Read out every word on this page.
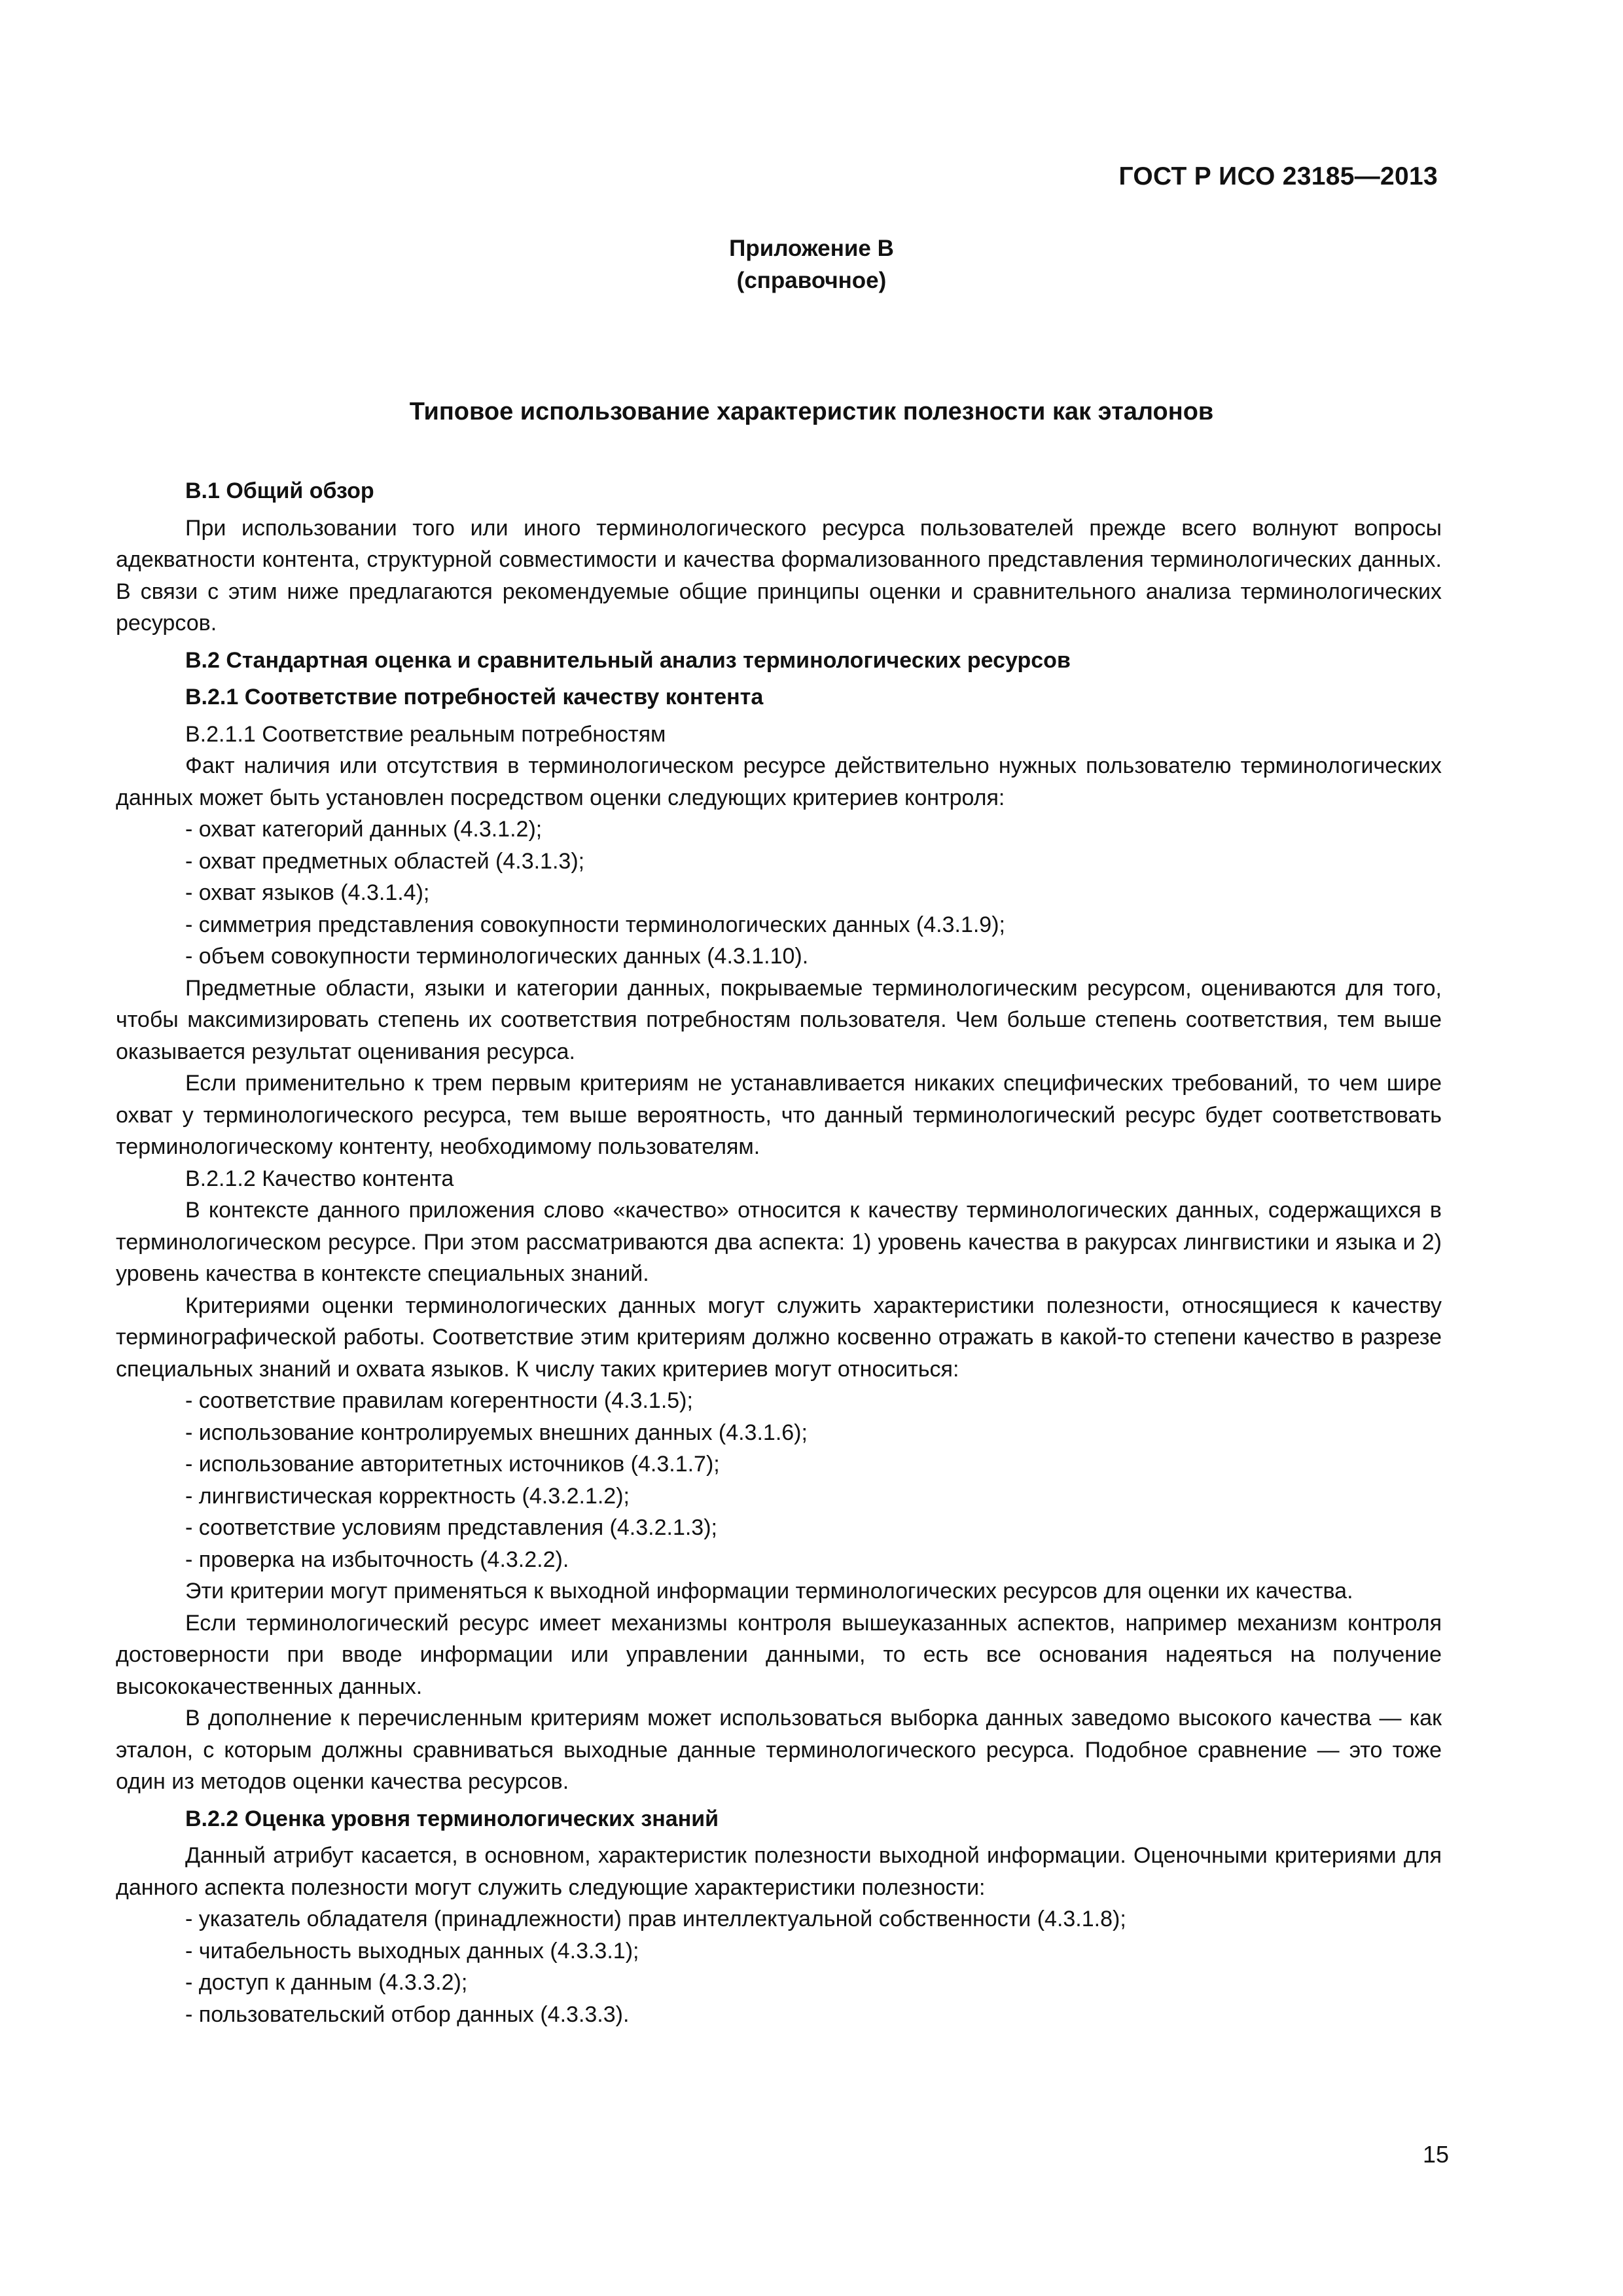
ГОСТ Р ИСО 23185—2013
Приложение В
(справочное)
Типовое использование характеристик полезности как эталонов

В.1 Общий обзор

При использовании того или иного терминологического ресурса пользователей прежде всего волнуют вопросы адекватности контента, структурной совместимости и качества формализованного представления терминологических данных. В связи с этим ниже предлагаются рекомендуемые общие принципы оценки и сравнительного анализа терминологических ресурсов.

В.2 Стандартная оценка и сравнительный анализ терминологических ресурсов

В.2.1 Соответствие потребностей качеству контента

В.2.1.1 Соответствие реальным потребностям

Факт наличия или отсутствия в терминологическом ресурсе действительно нужных пользователю терминологических данных может быть установлен посредством оценки следующих критериев контроля:

- охват категорий данных (4.3.1.2);
- охват предметных областей (4.3.1.3);
- охват языков (4.3.1.4);
- симметрия представления совокупности терминологических данных (4.3.1.9);
- объем совокупности терминологических данных (4.3.1.10).

Предметные области, языки и категории данных, покрываемые терминологическим ресурсом, оцениваются для того, чтобы максимизировать степень их соответствия потребностям пользователя. Чем больше степень соответствия, тем выше оказывается результат оценивания ресурса.

Если применительно к трем первым критериям не устанавливается никаких специфических требований, то чем шире охват у терминологического ресурса, тем выше вероятность, что данный терминологический ресурс будет соответствовать терминологическому контенту, необходимому пользователям.

В.2.1.2 Качество контента

В контексте данного приложения слово «качество» относится к качеству терминологических данных, содержащихся в терминологическом ресурсе. При этом рассматриваются два аспекта: 1) уровень качества в ракурсах лингвистики и языка и 2) уровень качества в контексте специальных знаний.

Критериями оценки терминологических данных могут служить характеристики полезности, относящиеся к качеству терминографической работы. Соответствие этим критериям должно косвенно отражать в какой-то степени качество в разрезе специальных знаний и охвата языков. К числу таких критериев могут относиться:

- соответствие правилам когерентности (4.3.1.5);
- использование контролируемых внешних данных (4.3.1.6);
- использование авторитетных источников (4.3.1.7);
- лингвистическая корректность (4.3.2.1.2);
- соответствие условиям представления (4.3.2.1.3);
- проверка на избыточность (4.3.2.2).

Эти критерии могут применяться к выходной информации терминологических ресурсов для оценки их качества.

Если терминологический ресурс имеет механизмы контроля вышеуказанных аспектов, например механизм контроля достоверности при вводе информации или управлении данными, то есть все основания надеяться на получение высококачественных данных.

В дополнение к перечисленным критериям может использоваться выборка данных заведомо высокого качества — как эталон, с которым должны сравниваться выходные данные терминологического ресурса. Подобное сравнение — это тоже один из методов оценки качества ресурсов.

В.2.2 Оценка уровня терминологических знаний

Данный атрибут касается, в основном, характеристик полезности выходной информации. Оценочными критериями для данного аспекта полезности могут служить следующие характеристики полезности:

- указатель обладателя (принадлежности) прав интеллектуальной собственности (4.3.1.8);
- читабельность выходных данных (4.3.3.1);
- доступ к данным (4.3.3.2);
- пользовательский отбор данных (4.3.3.3).
15
